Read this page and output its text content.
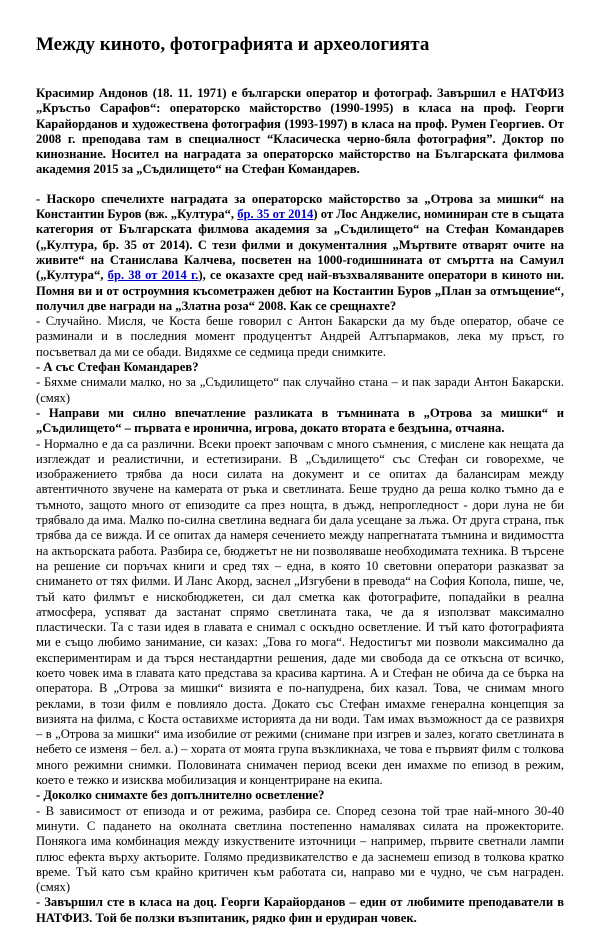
Между киното, фотографията и археологията

Красимир Андонов (18. 11. 1971) е български оператор и фотограф. Завършил е НАТФИЗ „Кръстьо Сарафов“: операторско майсторство (1990-1995) в класа на проф. Георги Карайорданов и художествена фотография (1993-1997) в класа на проф. Румен Георгиев. От 2008 г. преподава там в специалност “Класическа черно-бяла фотография”. Доктор по кинознание. Носител на наградата за операторско майсторство на Българската филмова академия 2015 за „Съдилището“ на Стефан Командарев.

- Наскоро спечелихте наградата за операторско майсторство за „Отрова за мишки“ на Константин Буров (вж. „Култура“, бр. 35 от 2014) от Лос Анджелис, номиниран сте в същата категория от Българската филмова академия за „Съдилището“ на Стефан Командарев („Култура, бр. 35 от 2014). С тези филми и документалния „Мъртвите отварят очите на живите“ на Станислава Калчева, посветен на 1000-годишнината от смъртта на Самуил („Култура“, бр. 38 от 2014 г.), се оказахте сред най-възхваляваните оператори в киното ни. Помня ви и от остроумния късометражен дебют на Костантин Буров „План за отмъщение“, получил две награди на „Златна роза“ 2008. Как се срещнахте?

- Случайно. Мисля, че Коста беше говорил с Антон Бакарски да му бъде оператор, обаче се разминали и в последния момент продуцентът Андрей Алтъпармаков, лека му пръст, го посъветвал да ми се обади. Видяхме се седмица преди снимките.

- А със Стефан Командарев?

- Бяхме снимали малко, но за „Съдилището“ пак случайно стана – и пак заради Антон Бакарски. (смях)

- Направи ми силно впечатление разликата в тъмнината в „Отрова за мишки“ и „Съдилището“ – първата е иронична, игрова, докато втората е бездънна, отчаяна.

- Нормално е да са различни. Всеки проект започвам с много съмнения, с мислене как нещата да изглеждат и реалистични, и естетизирани. В „Съдилището“ със Стефан си говорехме, че изображението трябва да носи силата на документ и се опитах да балансирам между автентичното звучене на камерата от ръка и светлината. Беше трудно да реша колко тъмно да е тъмното, защото много от епизодите са през нощта, в дъжд, непрогледност - дори луна не би трябвало да има. Малко по-силна светлина веднага би дала усещане за лъжа. От друга страна, пък трябва да се вижда. И се опитах да намеря сечението между напрегнатата тъмнина и видимостта на актьорската работа. Разбира се, бюджетът не ни позволяваше необходимата техника. В търсене на решение си поръчах книги и сред тях – една, в която 10 световни оператори разказват за снимането от тях филми. И Ланс Акорд, заснел „Изгубени в превода“ на София Копола, пише, че, тъй като филмът е нискобюджетен, си дал сметка как фотографите, попадайки в реална атмосфера, успяват да застанат спрямо светлината така, че да я използват максимално пластически. Та с тази идея в главата е снимал с оскъдно осветление. И тъй като фотографията ми е също любимо занимание, си казах: „Това го мога“. Недостигът ми позволи максимално да експериментирам и да търся нестандартни решения, даде ми свобода да се откъсна от всичко, което човек има в главата като представа за красива картина. А и Стефан не обича да се бърка на оператора. В „Отрова за мишки“ визията е по-напудрена, бих казал. Това, че снимам много реклами, в този филм е повлияло доста. Докато със Стефан имахме генерална концепция за визията на филма, с Коста оставихме историята да ни води. Там имах възможност да се развихря – в „Отрова за мишки“ има изобилие от режими (снимане при изгрев и залез, когато светлината в небето се изменя – бел. а.) – хората от моята група възкликнаха, че това е първият филм с толкова много режимни снимки. Половината снимачен период всеки ден имахме по епизод в режим, което е тежко и изисква мобилизация и концентриране на екипа.

- Доколко снимахте без допълнително осветление?

- В зависимост от епизода и от режима, разбира се. Според сезона той трае най-много 30-40 минути. С падането на околната светлина постепенно намалявах силата на прожекторите. Понякога има комбинация между изкуствените източници – например, първите светнали лампи плюс ефекта върху актьорите. Голямо предизвикателство е да заснемеш епизод в толкова кратко време. Тъй като съм крайно критичен към работата си, направо ми е чудно, че съм награден. (смях)

- Завършил сте в класа на доц. Георги Карайорданов – един от любимите преподаватели в НАТФИЗ. Той бе ползки възпитаник, рядко фин и ерудиран човек.
